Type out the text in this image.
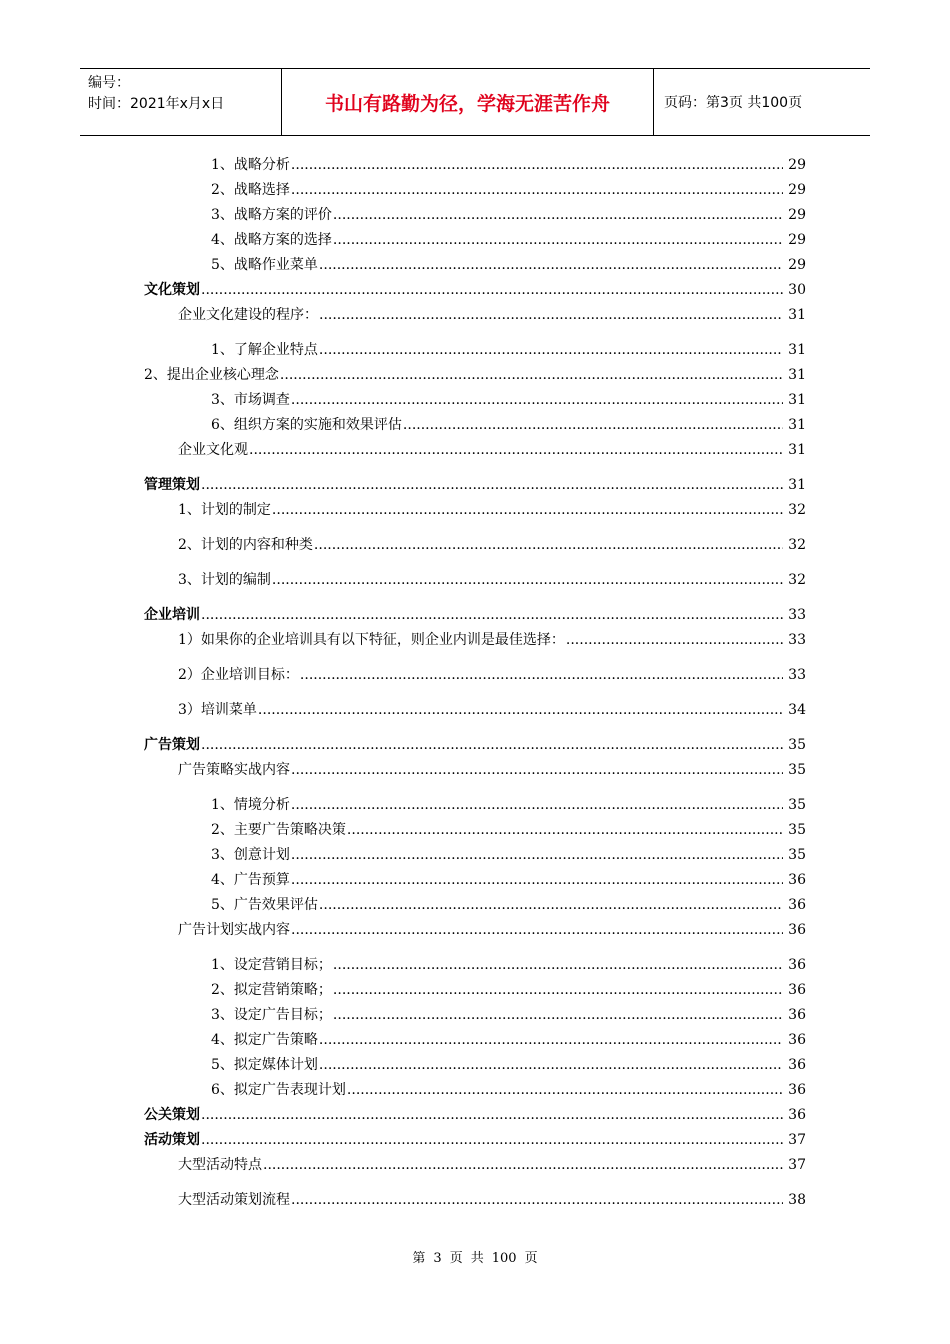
编号：
时间：2021年x月x日	书山有路勤为径，学海无涯苦作舟	页码：第3页 共100页
1、战略分析 .....	29
2、战略选择 .....	29
3、战略方案的评价 .....	29
4、战略方案的选择 .....	29
5、战略作业菜单 .....	29
文化策划 .....	30
企业文化建设的程序： .....	31
1、了解企业特点 .....	31
2、提出企业核心理念 .....	31
3、市场调查 .....	31
6、组织方案的实施和效果评估 .....	31
企业文化观 .....	31
管理策划 .....	31
1、计划的制定 .....	32
2、计划的内容和种类 .....	32
3、计划的编制 .....	32
企业培训 .....	33
1）如果你的企业培训具有以下特征，则企业内训是最佳选择： .....	33
2）企业培训目标： .....	33
3）培训菜单 .....	34
广告策划 .....	35
广告策略实战内容 .....	35
1、情境分析 .....	35
2、主要广告策略决策 .....	35
3、创意计划 .....	35
4、广告预算 .....	36
5、广告效果评估 .....	36
广告计划实战内容 .....	36
1、设定营销目标； .....	36
2、拟定营销策略； .....	36
3、设定广告目标； .....	36
4、拟定广告策略 .....	36
5、拟定媒体计划 .....	36
6、拟定广告表现计划 .....	36
公关策划 .....	36
活动策划 .....	37
大型活动特点 .....	37
大型活动策划流程 .....	38
第 3 页 共 100 页
